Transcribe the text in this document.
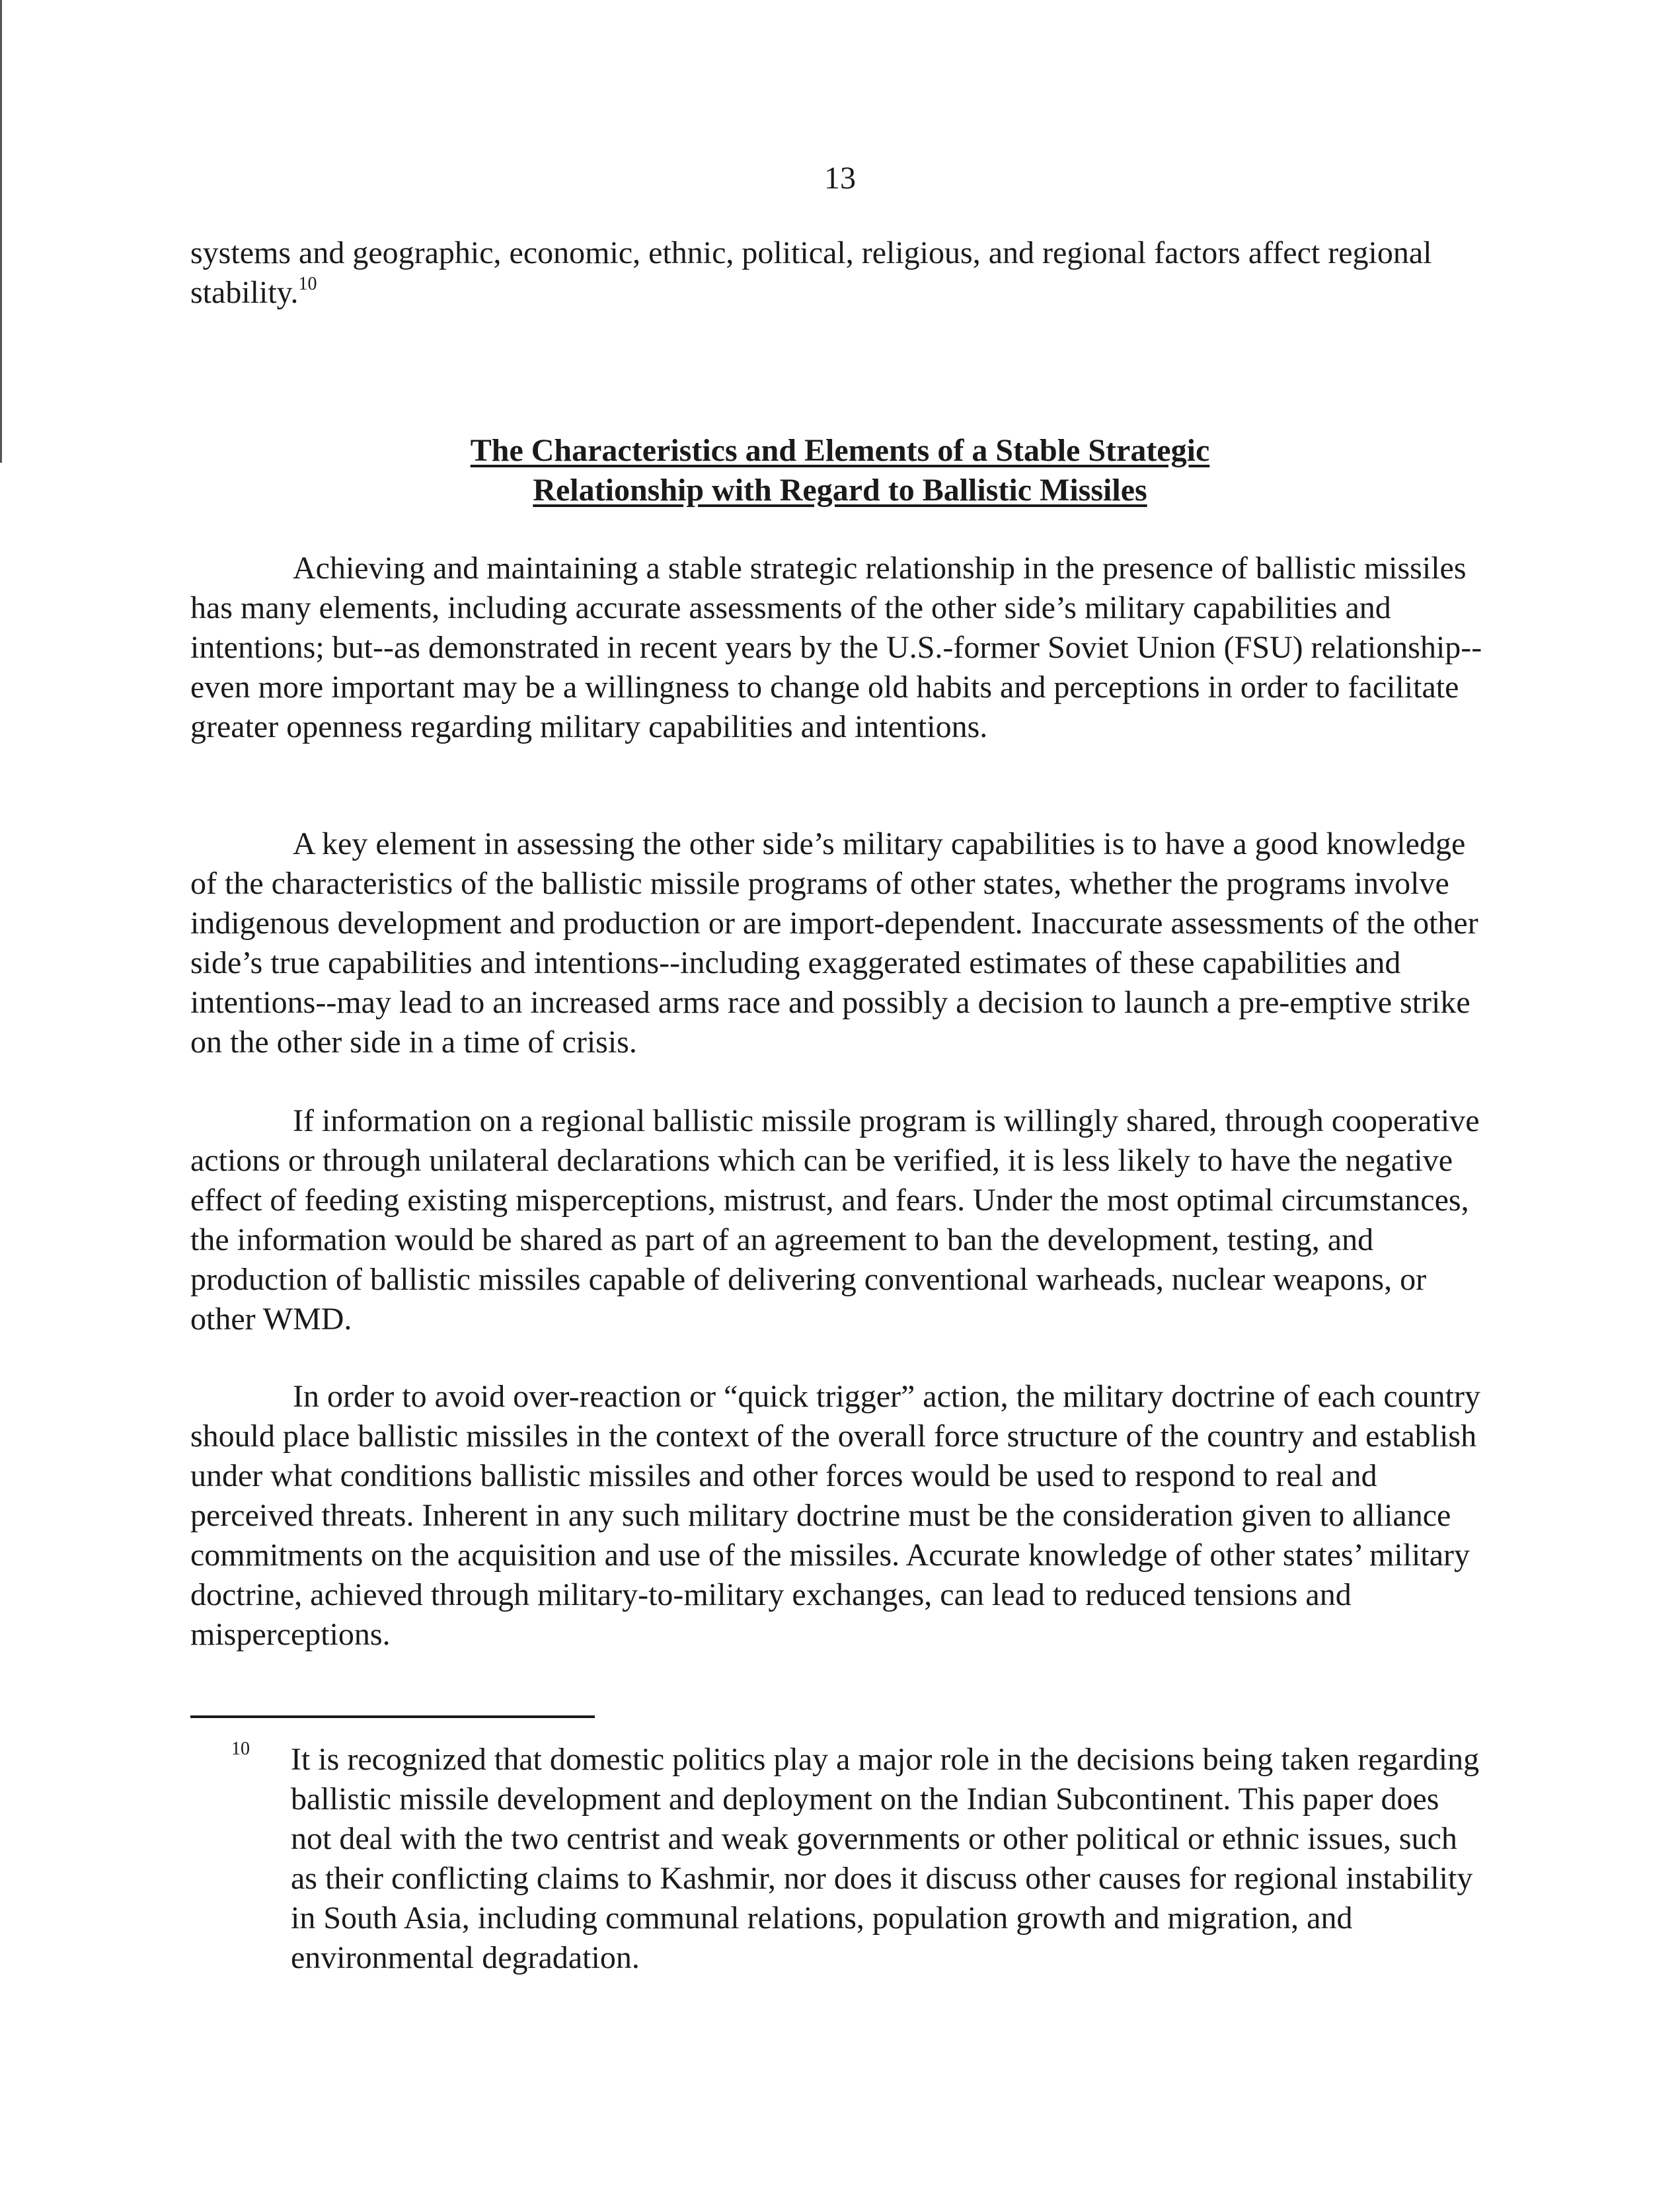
13

systems and geographic, economic, ethnic, political, religious, and regional factors affect regional stability.$^{10}$

The Characteristics and Elements of a Stable Strategic
Relationship with Regard to Ballistic Missiles

Achieving and maintaining a stable strategic relationship in the presence of ballistic missiles has many elements, including accurate assessments of the other side’s military capabilities and intentions; but--as demonstrated in recent years by the U.S.-former Soviet Union (FSU) relationship--even more important may be a willingness to change old habits and perceptions in order to facilitate greater openness regarding military capabilities and intentions.

A key element in assessing the other side’s military capabilities is to have a good knowledge of the characteristics of the ballistic missile programs of other states, whether the programs involve indigenous development and production or are import-dependent. Inaccurate assessments of the other side’s true capabilities and intentions--including exaggerated estimates of these capabilities and intentions--may lead to an increased arms race and possibly a decision to launch a pre-emptive strike on the other side in a time of crisis.

If information on a regional ballistic missile program is willingly shared, through cooperative actions or through unilateral declarations which can be verified, it is less likely to have the negative effect of feeding existing misperceptions, mistrust, and fears. Under the most optimal circumstances, the information would be shared as part of an agreement to ban the development, testing, and production of ballistic missiles capable of delivering conventional warheads, nuclear weapons, or other WMD.

In order to avoid over-reaction or “quick trigger” action, the military doctrine of each country should place ballistic missiles in the context of the overall force structure of the country and establish under what conditions ballistic missiles and other forces would be used to respond to real and perceived threats. Inherent in any such military doctrine must be the consideration given to alliance commitments on the acquisition and use of the missiles. Accurate knowledge of other states’ military doctrine, achieved through military-to-military exchanges, can lead to reduced tensions and misperceptions.

10 It is recognized that domestic politics play a major role in the decisions being taken regarding ballistic missile development and deployment on the Indian Subcontinent. This paper does not deal with the two centrist and weak governments or other political or ethnic issues, such as their conflicting claims to Kashmir, nor does it discuss other causes for regional instability in South Asia, including communal relations, population growth and migration, and environmental degradation.
